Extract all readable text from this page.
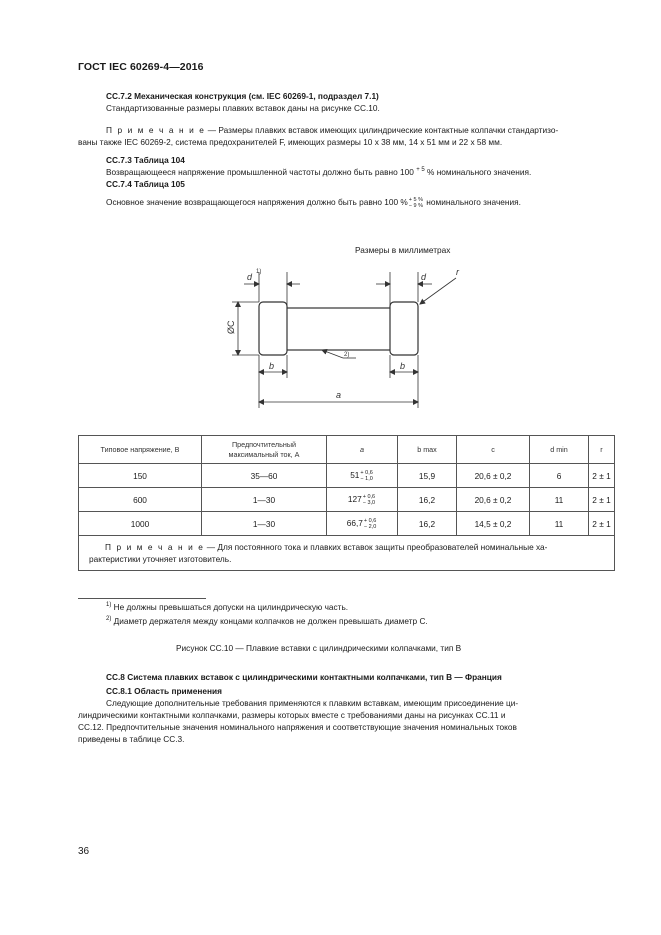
ГОСТ IEC 60269-4—2016
СС.7.2 Механическая конструкция (см. IEC 60269-1, подраздел 7.1)
Стандартизованные размеры плавких вставок даны на рисунке СС.10.
П р и м е ч а н и е — Размеры плавких вставок имеющих цилиндрические контактные колпачки стандартизо-
ваны также IEC 60269-2, система предохранителей F, имеющих размеры 10 х 38 мм, 14 х 51 мм и 22 х 58 мм.
СС.7.3 Таблица 104
Возвращающееся напряжение промышленной частоты должно быть равно 100 $^{+ 5}$ % номинального значения.
СС.7.4 Таблица 105
Основное значение возвращающегося напряжения должно быть равно 100 % + 5 %
− 9 % номинального значения.
Размеры в миллиметрах
d 1)	d	r
ØC
2)
b	b
a
Типовое напряжение, В	Предпочтительный
максимальный ток, А	a	b max	c	d min	r
150	35—60	51 + 0,6
− 1,0	15,9	20,6 ± 0,2	6	2 ± 1
600	1—30	127 + 0,6
− 3,0	16,2	20,6 ± 0,2	11	2 ± 1
1000	1—30	66,7 + 0,6
− 2,0	16,2	14,5 ± 0,2	11	2 ± 1

П р и м е ч а н и е — Для постоянного тока и плавких вставок защиты преобразователей номинальные ха-
рактеристики уточняет изготовитель.						
$^{1)}$ Не должны превышаться допуски на цилиндрическую часть.
$^{2)}$ Диаметр держателя между концами колпачков не должен превышать диаметр С.
Рисунок СС.10 — Плавкие вставки с цилиндрическими колпачками, тип В
СС.8 Система плавких вставок с цилиндрическими контактными колпачками, тип В — Франция
СС.8.1 Область применения
Следующие дополнительные требования применяются к плавким вставкам, имеющим присоединение ци-
линдрическими контактными колпачками, размеры которых вместе с требованиями даны на рисунках СС.11 и
СС.12. Предпочтительные значения номинального напряжения и соответствующие значения номинальных токов
приведены в таблице СС.3.
36
